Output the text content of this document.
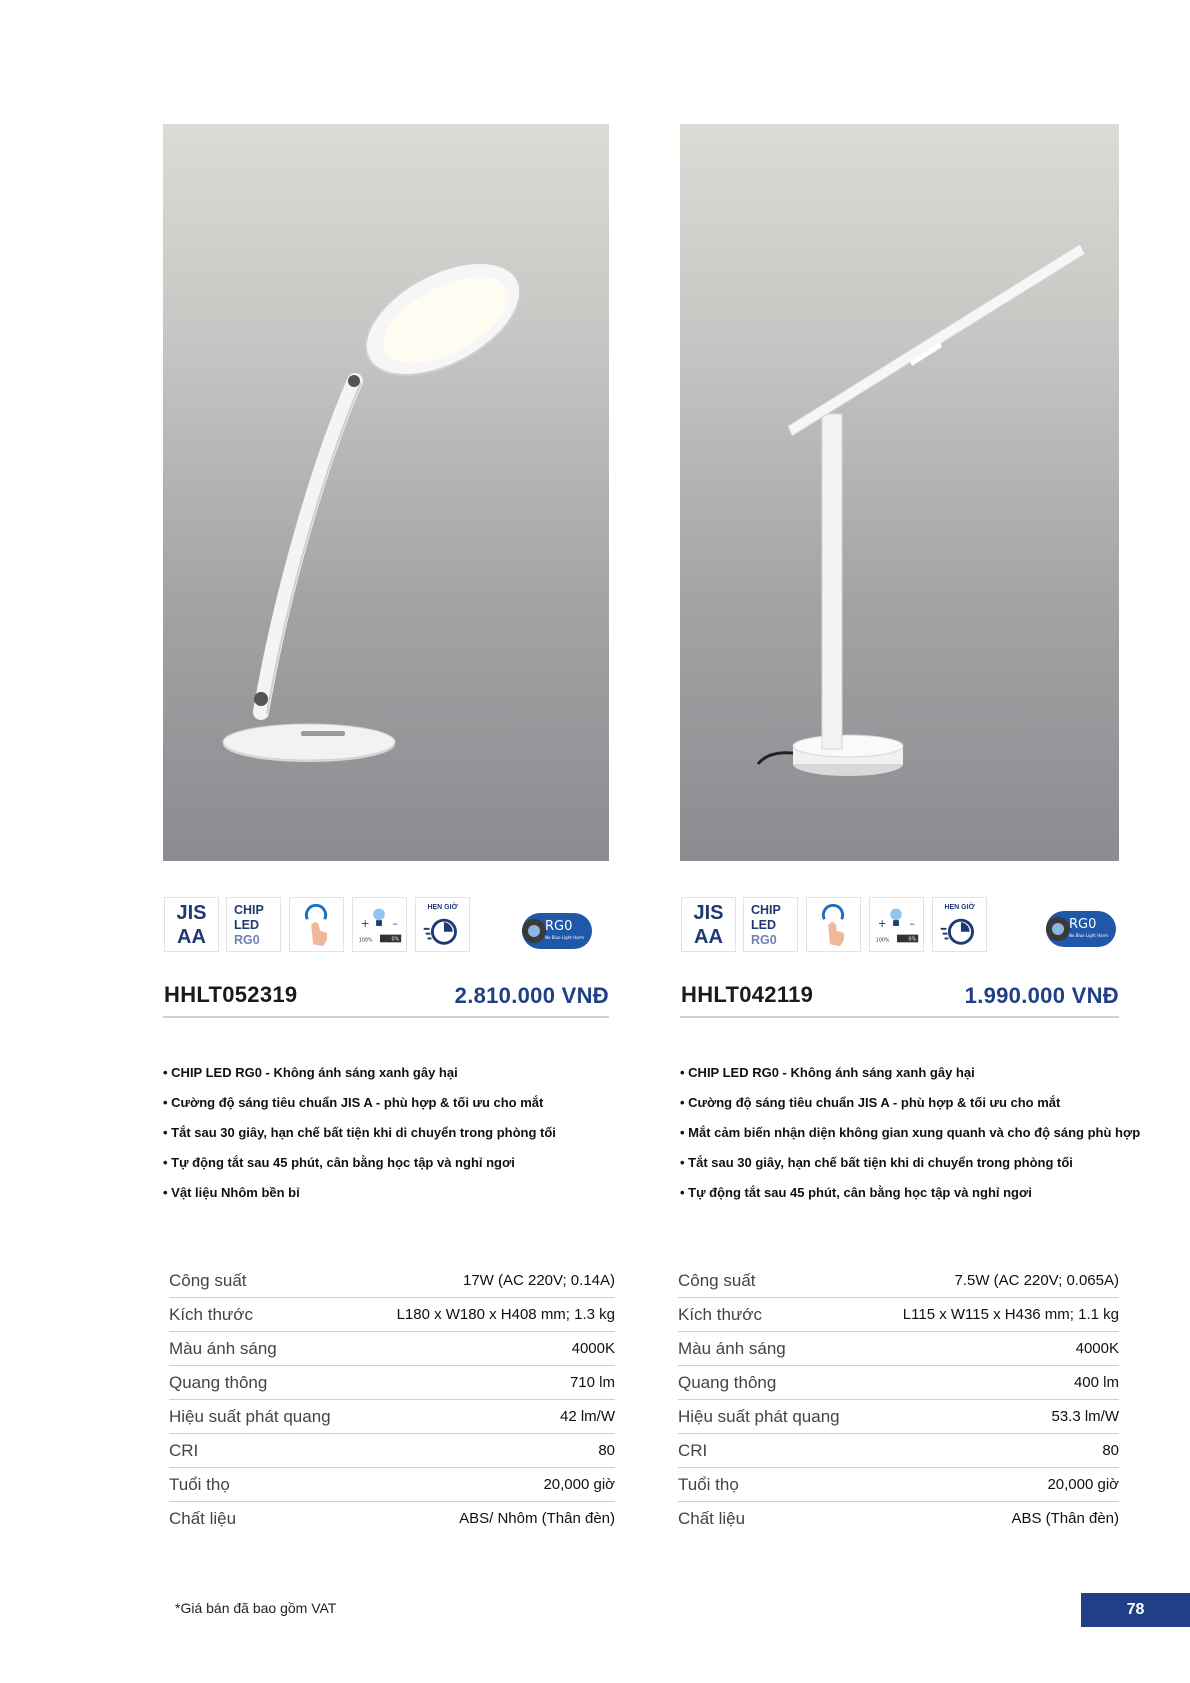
JIS
AA
CHIP
LED
RG0
+ –
100%	0%
HẸN GIỜ
RG0
No Blue Light Harm
HHLT052319	2.810.000 VNĐ
• CHIP LED RG0 - Không ánh sáng xanh gây hại
• Cường độ sáng tiêu chuẩn JIS A - phù hợp & tối ưu cho mắt
• Tắt sau 30 giây, hạn chế bất tiện khi di chuyển trong phòng tối
• Tự động tắt sau 45 phút, cân bằng học tập và nghỉ ngơi
• Vật liệu Nhôm bền bỉ
Công suất	17W (AC 220V; 0.14A)
Kích thước	L180 x W180 x H408 mm; 1.3 kg
Màu ánh sáng	4000K
Quang thông	710 lm
Hiệu suất phát quang	42 lm/W
CRI	80
Tuổi thọ	20,000 giờ
Chất liệu	ABS/ Nhôm (Thân đèn)
JIS
AA
CHIP
LED
RG0
+ –
100%	0%
HẸN GIỜ
RG0
No Blue Light Harm
HHLT042119	1.990.000 VNĐ
• CHIP LED RG0 - Không ánh sáng xanh gây hại
• Cường độ sáng tiêu chuẩn JIS A - phù hợp & tối ưu cho mắt
• Mắt cảm biến nhận diện không gian xung quanh và cho độ sáng phù hợp
• Tắt sau 30 giây, hạn chế bất tiện khi di chuyển trong phòng tối
• Tự động tắt sau 45 phút, cân bằng học tập và nghỉ ngơi
Công suất	7.5W (AC 220V; 0.065A)
Kích thước	L115 x W115 x H436 mm; 1.1 kg
Màu ánh sáng	4000K
Quang thông	400 lm
Hiệu suất phát quang	53.3 lm/W
CRI	80
Tuổi thọ	20,000 giờ
Chất liệu	ABS (Thân đèn)
*Giá bán đã bao gồm VAT	78
